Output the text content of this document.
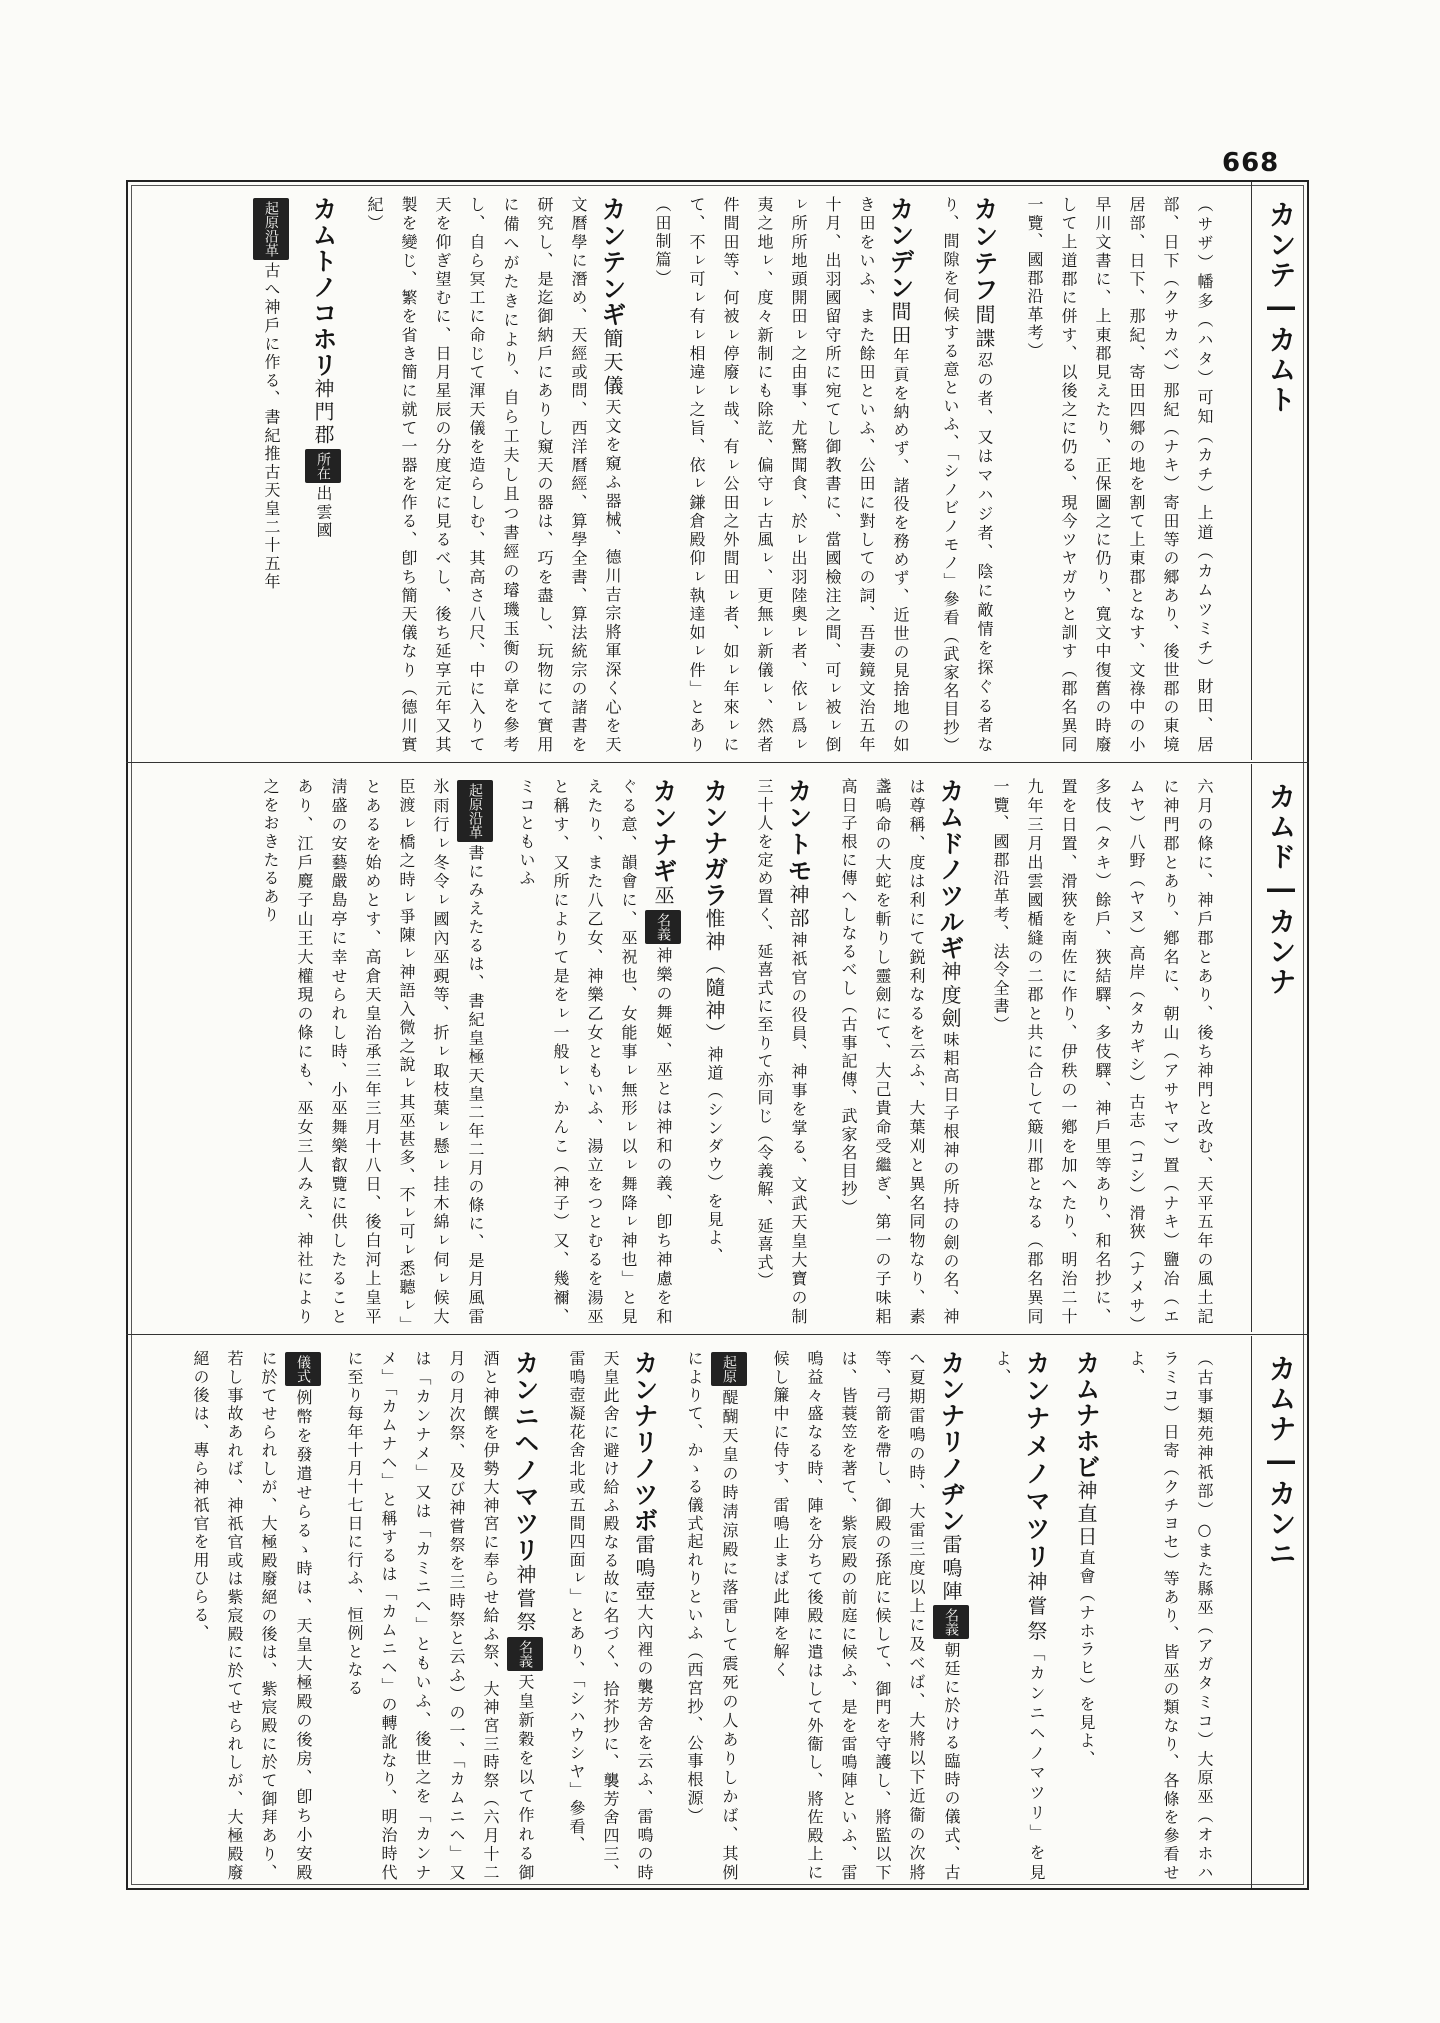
668
カンテ―カムト

（サザ）幡多（ハタ）可知（カチ）上道（カムツミチ）財田、居部、日下（クサカベ）那紀（ナキ）寄田等の郷あり、後世郡の東境居部、日下、那紀、寄田四郷の地を割て上東郡となす、文祿中の小早川文書に、上東郡見えたり、正保圖之に仍り、寬文中復舊の時廢して上道郡に併す、以後之に仍る、現今ツヤガウと訓す（郡名異同一覽、國郡沿革考）

カンテフ間諜忍の者、又はマハジ者、陰に敵情を探ぐる者なり、間隙を伺候する意といふ、「シノビノモノ」參看（武家名目抄）

カンデン間田年貢を納めず、諸役を務めず、近世の見捨地の如き田をいふ、また餘田といふ、公田に對しての詞、吾妻鏡文治五年十月、出羽國留守所に宛てし御教書に、當國檢注之間、可ㇾ被ㇾ倒ㇾ所所地頭開田ㇾ之由事、尤驚聞食、於ㇾ出羽陸奧ㇾ者、依ㇾ爲ㇾ夷之地ㇾ、度々新制にも除訖、偏守ㇾ古風ㇾ、更無ㇾ新儀ㇾ、然者件間田等、何被ㇾ停廢ㇾ哉、有ㇾ公田之外間田ㇾ者、如ㇾ年來ㇾにて、不ㇾ可ㇾ有ㇾ相違ㇾ之旨、依ㇾ鎌倉殿仰ㇾ執達如ㇾ件」とあり（田制篇）

カンテンギ簡天儀天文を窺ふ器械、德川吉宗將軍深く心を天文曆學に潛め、天經或問、西洋曆經、算學全書、算法統宗の諸書を研究し、是迄御納戶にありし窺天の器は、巧を盡し、玩物にて實用に備へがたきにより、自ら工夫し且つ書經の璿璣玉衡の章を參考し、自ら冥工に命じて渾天儀を造らしむ、其高さ八尺、中に入りて天を仰ぎ望むに、日月星辰の分度定に見るべし、後ち延享元年又其製を變じ、繁を省き簡に就て一器を作る、卽ち簡天儀なり（德川實紀）

カムトノコホリ神門郡所在出雲國

起原沿革古へ神戶に作る、書紀推古天皇二十五年

カムド―カンナ

六月の條に、神戶郡とあり、後ち神門と改む、天平五年の風土記に神門郡とあり、鄕名に、朝山（アサヤマ）置（ナキ）鹽冶（エムヤ）八野（ヤヌ）高岸（タカギシ）古志（コシ）滑狹（ナメサ）多伎（タキ）餘戶、狹結驛、多伎驛、神戶里等あり、和名抄に、置を日置、滑狹を南佐に作り、伊秩の一鄕を加へたり、明治二十九年三月出雲國楯縫の二郡と共に合して簸川郡となる（郡名異同一覽、國郡沿革考、法令全書）

カムドノツルギ神度劍味耜高日子根神の所持の劍の名、神は尊稱、度は利にて鋭利なるを云ふ、大葉刈と異名同物なり、素盞嗚命の大蛇を斬りし靈劍にて、大己貴命受繼ぎ、第一の子味耜高日子根に傳へしなるべし（古事記傳、武家名目抄）

カントモ神部神祇官の役員、神事を掌る、文武天皇大寶の制三十人を定め置く、延喜式に至りて亦同じ（令義解、延喜式）

カンナガラ惟神（隨神）神道（シンダウ）を見よ、

カンナギ巫名義神樂の舞姬、巫とは神和の義、卽ち神慮を和ぐる意、韻會に、巫祝也、女能事ㇾ無形ㇾ以ㇾ舞降ㇾ神也」と見えたり、また八乙女、神樂乙女ともいふ、湯立をつとむるを湯巫と稱す、又所によりて是をㇾ一般ㇾ、かんこ（神子）又、幾禰、ミコともいふ

起原沿革書にみえたるは、書紀皇極天皇二年二月の條に、是月風雷氷雨行ㇾ冬令ㇾ國內巫覡等、折ㇾ取枝葉ㇾ懸ㇾ挂木綿ㇾ伺ㇾ候大臣渡ㇾ橋之時ㇾ爭陳ㇾ神語入微之說ㇾ其巫甚多、不ㇾ可ㇾ悉聽ㇾ」とあるを始めとす、高倉天皇治承三年三月十八日、後白河上皇平淸盛の安藝嚴島亭に幸せられし時、小巫舞樂叡覽に供したることあり、江戶麑子山王大權現の條にも、巫女三人みえ、神社により之をおきたるあり

カムナ―カンニ

（古事類苑神祇部）○また縣巫（アガタミコ）大原巫（オホハラミコ）日寄（クチヨセ）等あり、皆巫の類なり、各條を參看せよ、

カムナホビ神直日直會（ナホラヒ）を見よ、

カンナメノマツリ神嘗祭「カンニヘノマツリ」を見よ、

カンナリノヂン雷鳴陣名義朝廷に於ける臨時の儀式、古へ夏期雷鳴の時、大雷三度以上に及べば、大將以下近衞の次將等、弓箭を帶し、御殿の孫庇に候して、御門を守護し、將監以下は、皆蓑笠を著て、紫宸殿の前庭に候ふ、是を雷鳴陣といふ、雷鳴益々盛なる時、陣を分ちて後殿に遣はして外衞し、將佐殿上に候し簾中に侍す、雷鳴止まば此陣を解く

起原醍醐天皇の時淸涼殿に落雷して震死の人ありしかば、其例によりて、かゝる儀式起れりといふ（西宮抄、公事根源）

カンナリノツボ雷鳴壺大內裡の襲芳舍を云ふ、雷鳴の時天皇此舍に避け給ふ殿なる故に名づく、拾芥抄に、襲芳舍四三、雷鳴壺凝花舍北或五間四面ㇾ」とあり、「シハウシヤ」參看、

カンニヘノマツリ神嘗祭名義天皇新穀を以て作れる御酒と神饌を伊勢大神宮に奉らせ給ふ祭、大神宮三時祭（六月十二月の月次祭、及び神嘗祭を三時祭と云ふ）の一、「カムニヘ」又は「カンナメ」又は「カミニヘ」ともいふ、後世之を「カンナメ」「カムナヘ」と稱するは「カムニヘ」の轉訛なり、明治時代に至り每年十月十七日に行ふ、恒例となる

儀式例幣を發遣せらるゝ時は、天皇大極殿の後房、卽ち小安殿に於てせられしが、大極殿廢絕の後は、紫宸殿に於て御拜あり、若し事故あれば、神祇官或は紫宸殿に於てせられしが、大極殿廢絕の後は、專ら神祇官を用ひらる、
